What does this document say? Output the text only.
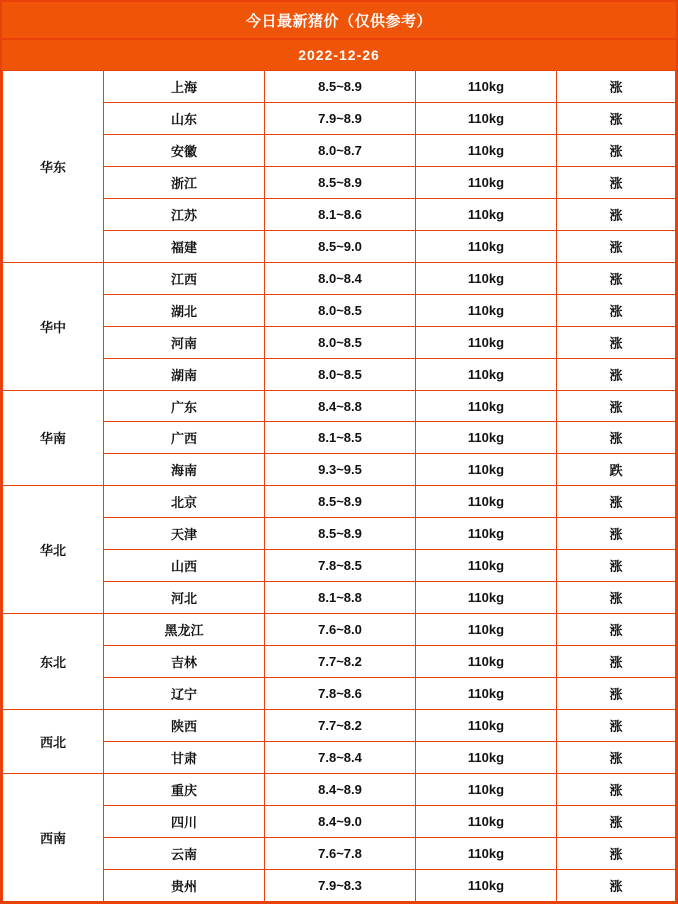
今日最新猪价（仅供参考）
2022-12-26
华东	上海	8.5~8.9	110kg	涨
	山东	7.9~8.9	110kg	涨
	安徽	8.0~8.7	110kg	涨
	浙江	8.5~8.9	110kg	涨
	江苏	8.1~8.6	110kg	涨
	福建	8.5~9.0	110kg	涨
华中	江西	8.0~8.4	110kg	涨
	湖北	8.0~8.5	110kg	涨
	河南	8.0~8.5	110kg	涨
	湖南	8.0~8.5	110kg	涨
华南	广东	8.4~8.8	110kg	涨
	广西	8.1~8.5	110kg	涨
	海南	9.3~9.5	110kg	跌
华北	北京	8.5~8.9	110kg	涨
	天津	8.5~8.9	110kg	涨
	山西	7.8~8.5	110kg	涨
	河北	8.1~8.8	110kg	涨
东北	黑龙江	7.6~8.0	110kg	涨
	吉林	7.7~8.2	110kg	涨
	辽宁	7.8~8.6	110kg	涨
西北	陕西	7.7~8.2	110kg	涨
	甘肃	7.8~8.4	110kg	涨
西南	重庆	8.4~8.9	110kg	涨
	四川	8.4~9.0	110kg	涨
	云南	7.6~7.8	110kg	涨
	贵州	7.9~8.3	110kg	涨
